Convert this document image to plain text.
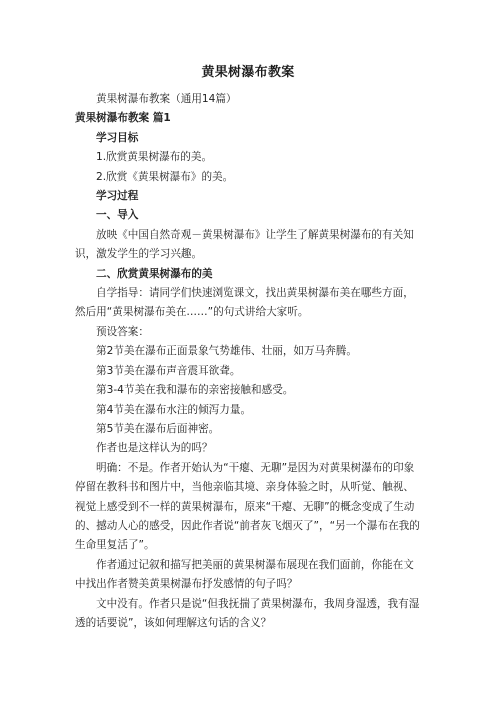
黄果树瀑布教案

黄果树瀑布教案（通用14篇）

黄果树瀑布教案 篇1

学习目标

1.欣赏黄果树瀑布的美。

2.欣赏《黄果树瀑布》的美。

学习过程

一、导入

放映《中国自然奇观－黄果树瀑布》让学生了解黄果树瀑布的有关知识，激发学生的学习兴趣。

二、欣赏黄果树瀑布的美

自学指导：请同学们快速浏览课文，找出黄果树瀑布美在哪些方面，然后用“黄果树瀑布美在……”的句式讲给大家听。

预设答案：

第2节美在瀑布正面景象气势雄伟、壮丽，如万马奔腾。

第3节美在瀑布声音震耳欲聋。

第3-4节美在我和瀑布的亲密接触和感受。

第4节美在瀑布水注的倾泻力量。

第5节美在瀑布后面神密。

作者也是这样认为的吗？

明确：不是。作者开始认为“干瘪、无聊”是因为对黄果树瀑布的印象停留在教科书和图片中，当他亲临其境、亲身体验之时，从听觉、触视、视觉上感受到不一样的黄果树瀑布，原来“干瘪、无聊”的概念变成了生动的、撼动人心的感受，因此作者说“前者灰飞烟灭了”，“另一个瀑布在我的生命里复活了”。

作者通过记叙和描写把美丽的黄果树瀑布展现在我们面前，你能在文中找出作者赞美黄果树瀑布抒发感情的句子吗？

文中没有。作者只是说“但我抚揣了黄果树瀑布，我周身湿透，我有湿透的话要说”，该如何理解这句话的含义？
